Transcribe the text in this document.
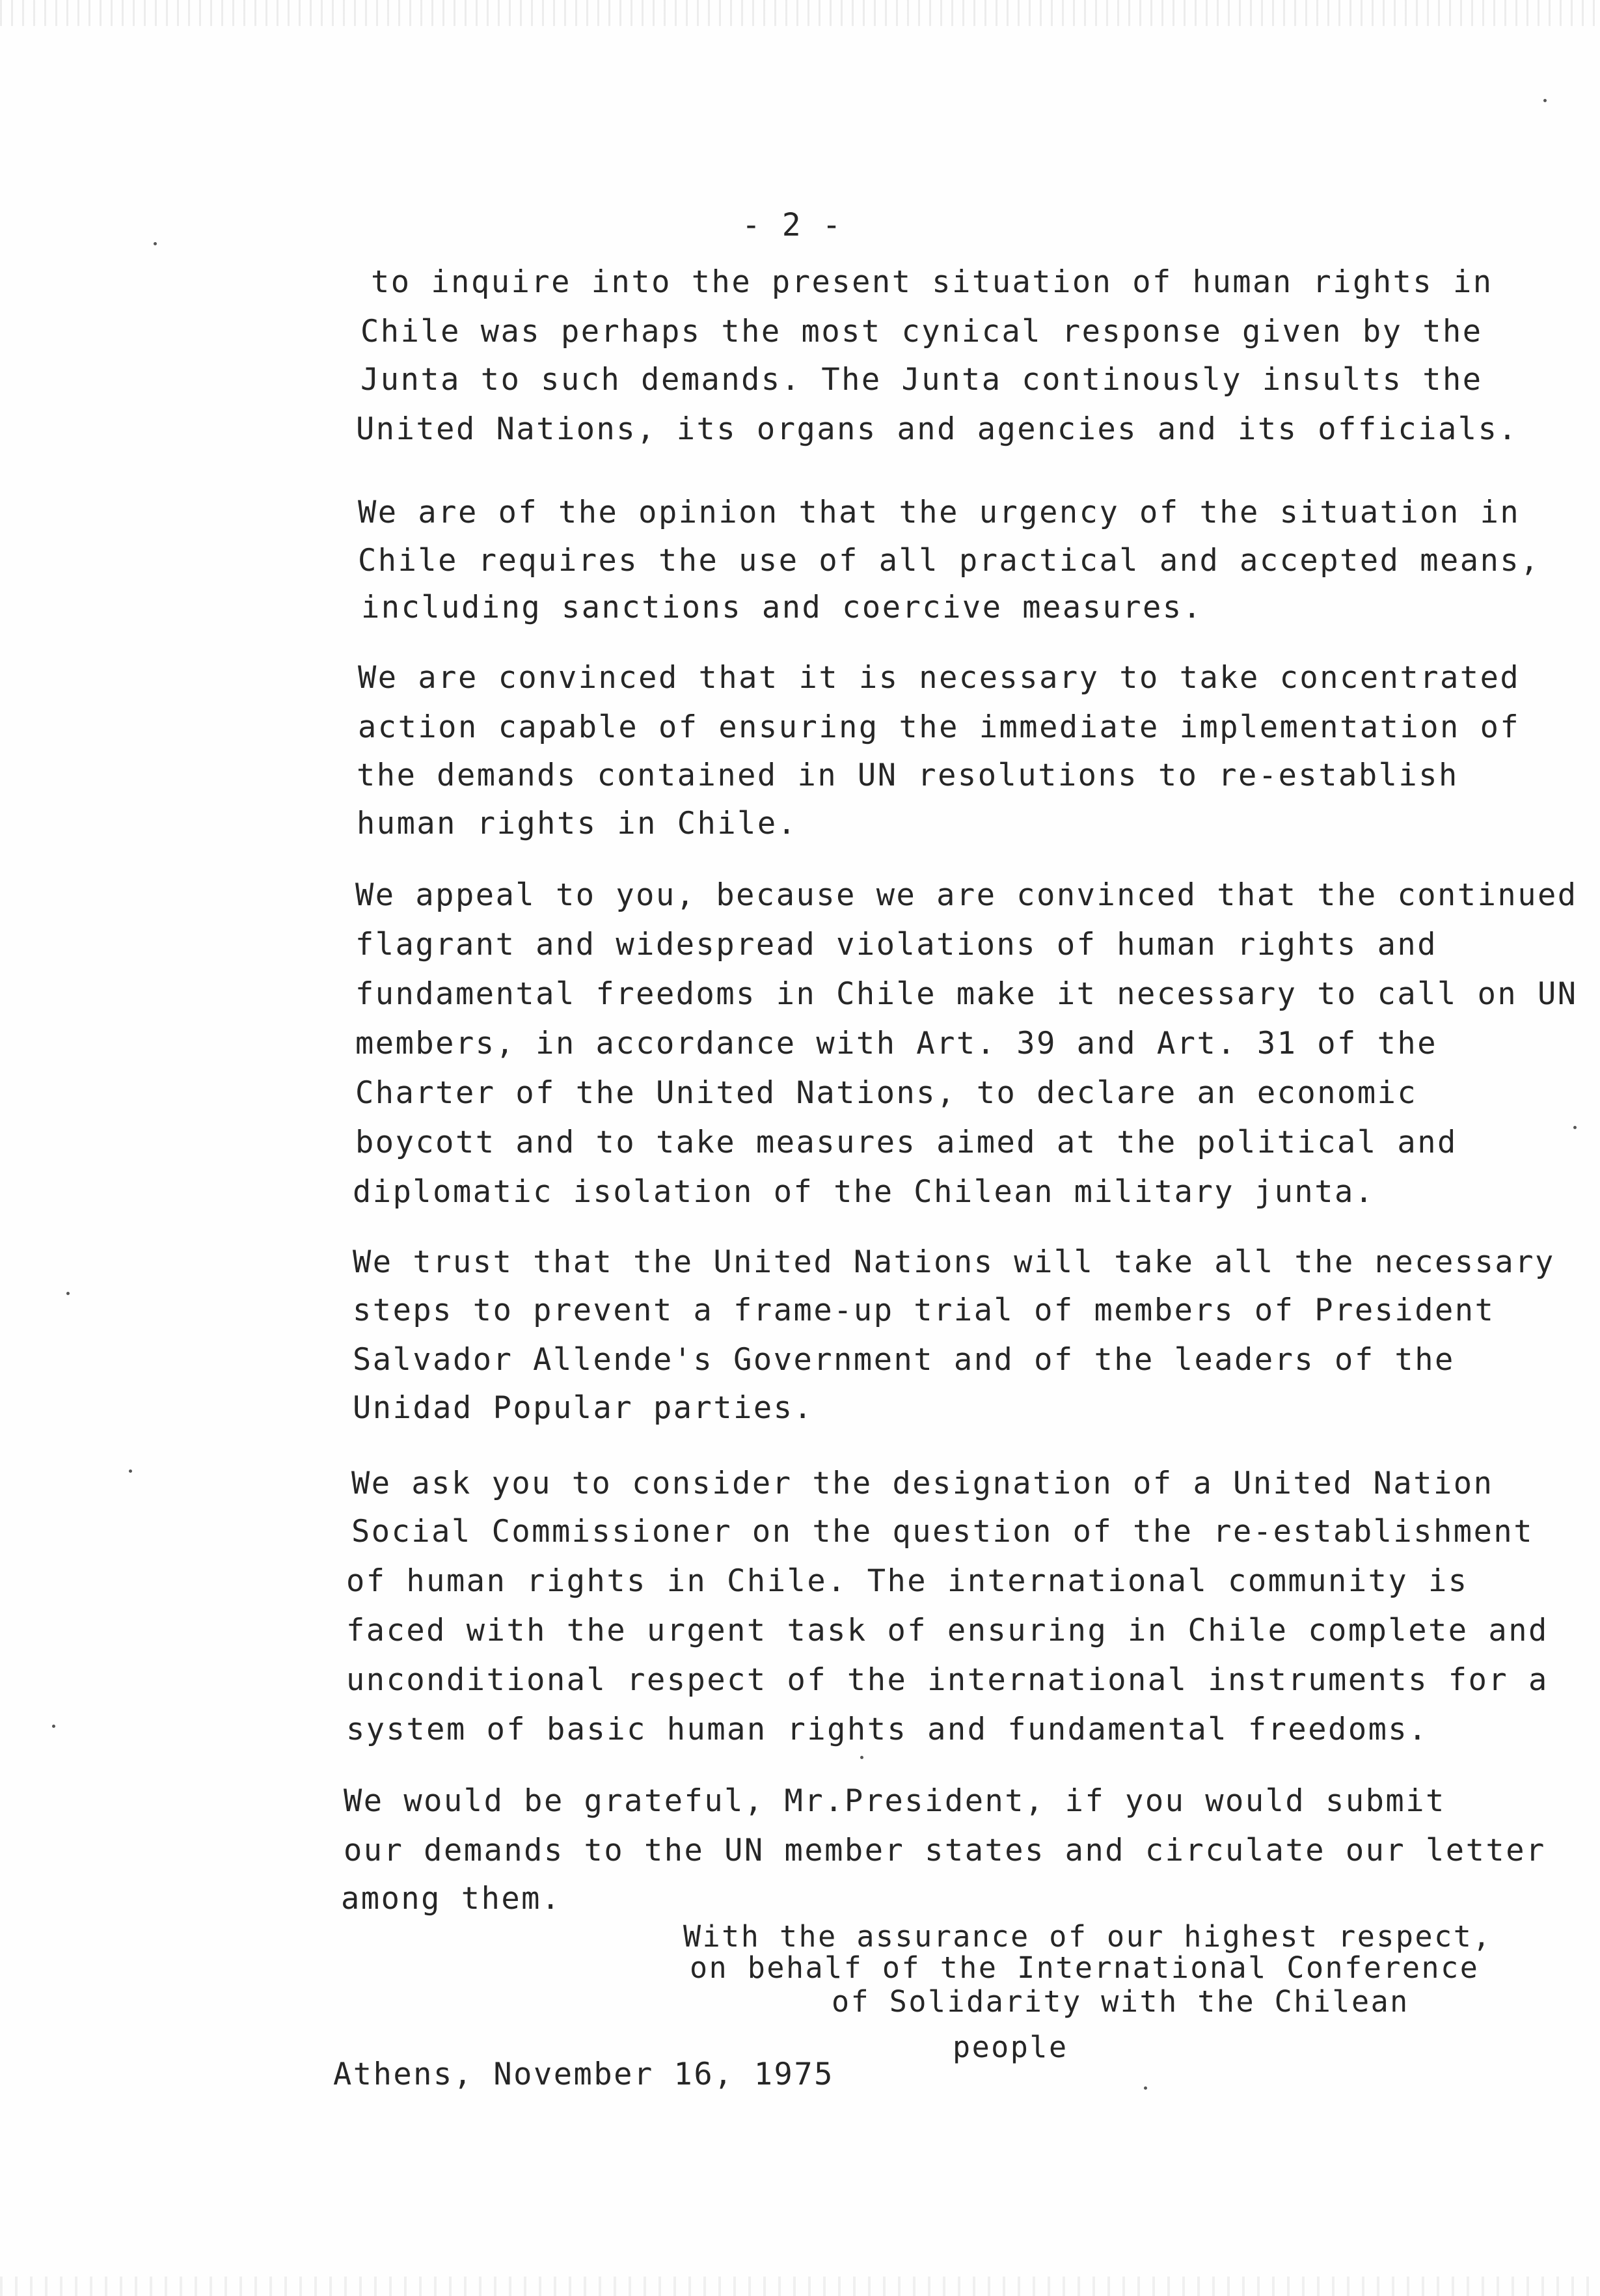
- 2 -
to inquire into the present situation of human rights in
Chile was perhaps the most cynical response given by the
Junta to such demands. The Junta continously insults the
United Nations, its organs and agencies and its officials.
We are of the opinion that the urgency of the situation in
Chile requires the use of all practical and accepted means,
including sanctions and coercive measures.
We are convinced that it is necessary to take concentrated
action capable of ensuring the immediate implementation of
the demands contained in UN resolutions to re-establish
human rights in Chile.
We appeal to you, because we are convinced that the continued
flagrant and widespread violations of human rights and
fundamental freedoms in Chile make it necessary to call on UN
members, in accordance with Art. 39 and Art. 31 of the
Charter of the United Nations, to declare an economic
boycott and to take measures aimed at the political and
diplomatic isolation of the Chilean military junta.
We trust that the United Nations will take all the necessary
steps to prevent a frame-up trial of members of President
Salvador Allende's Government and of the leaders of the
Unidad Popular parties.
We ask you to consider the designation of a United Nation
Social Commissioner on the question of the re-establishment
of human rights in Chile. The international community is
faced with the urgent task of ensuring in Chile complete and
unconditional respect of the international instruments for a
system of basic human rights and fundamental freedoms.
We would be grateful, Mr.President, if you would submit
our demands to the UN member states and circulate our letter
among them.
With the assurance of our highest respect,
on behalf of the International Conference
of Solidarity with the Chilean
people
Athens, November 16, 1975
